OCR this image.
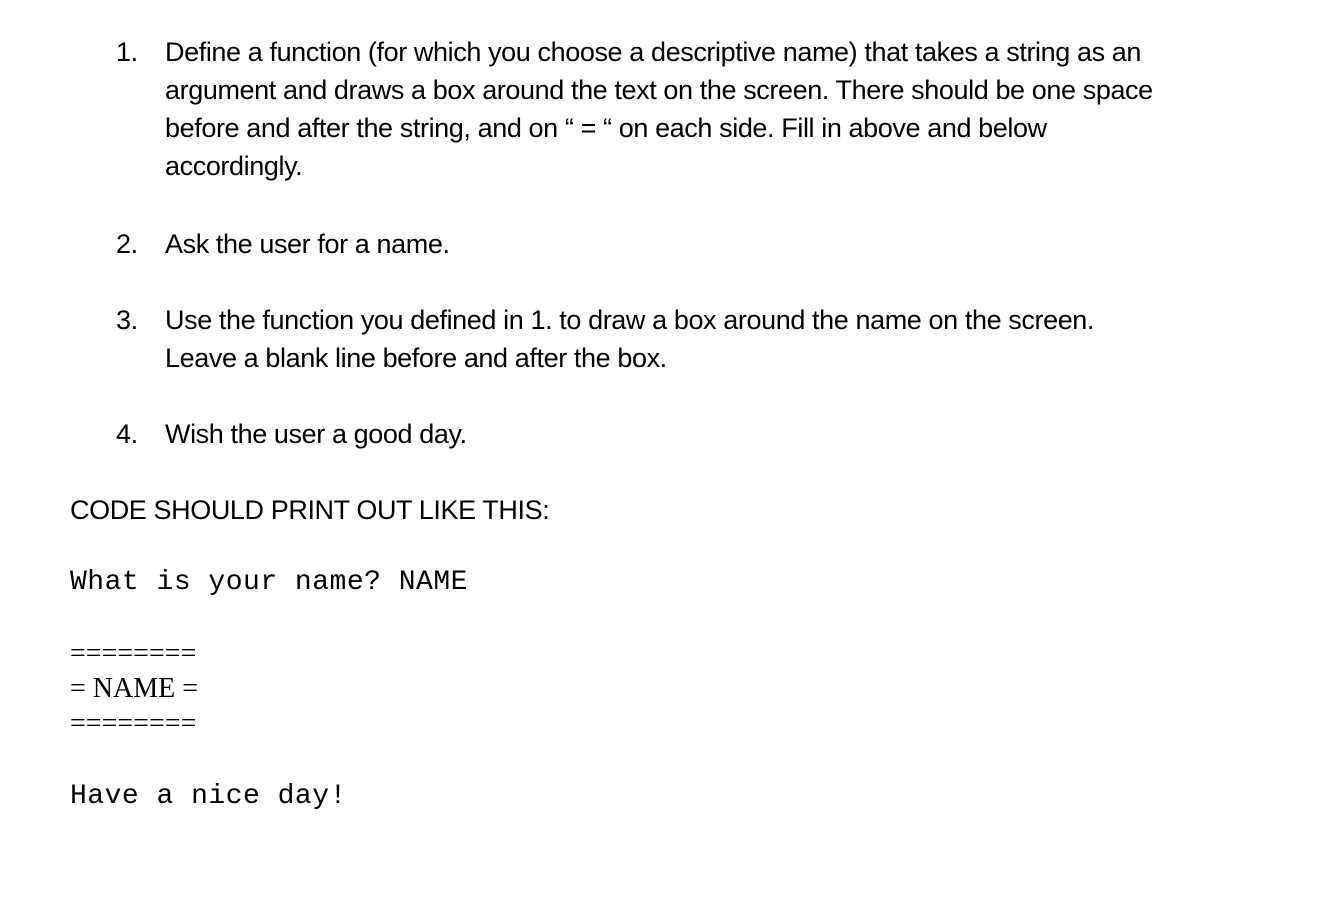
1.	Define a function (for which you choose a descriptive name) that takes a string as an
argument and draws a box around the text on the screen. There should be one space
before and after the string, and on “ = “ on each side. Fill in above and below
accordingly.
2.	Ask the user for a name.
3.	Use the function you defined in 1. to draw a box around the name on the screen.
Leave a blank line before and after the box.
4.	Wish the user a good day.
CODE SHOULD PRINT OUT LIKE THIS:
What is your name? NAME
========
= NAME =
========
Have a nice day!
